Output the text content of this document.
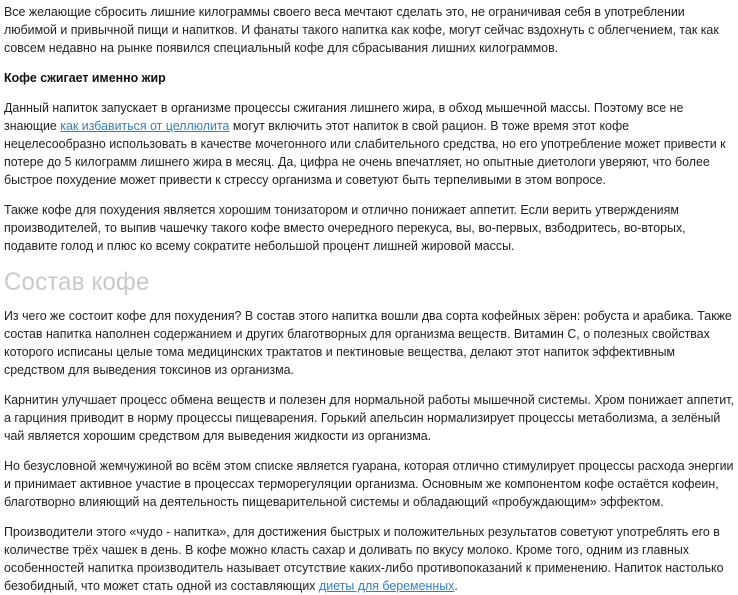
Все желающие сбросить лишние килограммы своего веса мечтают сделать это, не ограничивая себя в употреблении любимой и привычной пищи и напитков. И фанаты такого напитка как кофе, могут сейчас вздохнуть с облегчением, так как совсем недавно на рынке появился специальный кофе для сбрасывания лишних килограммов.

Кофе сжигает именно жир

Данный напиток запускает в организме процессы сжигания лишнего жира, в обход мышечной массы. Поэтому все не знающие как избавиться от целлюлита могут включить этот напиток в свой рацион. В тоже время этот кофе нецелесообразно использовать в качестве мочегонного или слабительного средства, но его употребление может привести к потере до 5 килограмм лишнего жира в месяц. Да, цифра не очень впечатляет, но опытные диетологи уверяют, что более быстрое похудение может привести к стрессу организма и советуют быть терпеливыми в этом вопросе.

Также кофе для похудения является хорошим тонизатором и отлично понижает аппетит. Если верить утверждениям производителей, то выпив чашечку такого кофе вместо очередного перекуса, вы, во-первых, взбодритесь, во-вторых, подавите голод и плюс ко всему сократите небольшой процент лишней жировой массы.

Состав кофе

Из чего же состоит кофе для похудения? В состав этого напитка вошли два сорта кофейных зёрен: робуста и арабика. Также состав напитка наполнен содержанием и других благотворных для организма веществ. Витамин С, о полезных свойствах которого исписаны целые тома медицинских трактатов и пектиновые вещества, делают этот напиток эффективным средством для выведения токсинов из организма.

Карнитин улучшает процесс обмена веществ и полезен для нормальной работы мышечной системы. Хром понижает аппетит, а гарциния приводит в норму процессы пищеварения. Горький апельсин нормализирует процессы метаболизма, а зелёный чай является хорошим средством для выведения жидкости из организма.

Но безусловной жемчужиной во всём этом списке является гуарана, которая отлично стимулирует процессы расхода энергии и принимает активное участие в процессах терморегуляции организма. Основным же компонентом кофе остаётся кофеин, благотворно влияющий на деятельность пищеварительной системы и обладающий «пробуждающим» эффектом.

Производители этого «чудо - напитка», для достижения быстрых и положительных результатов советуют употреблять его в количестве трёх чашек в день. В кофе можно класть сахар и доливать по вкусу молоко. Кроме того, одним из главных особенностей напитка производитель называет отсутствие каких-либо противопоказаний к применению. Напиток настолько безобидный, что может стать одной из составляющих диеты для беременных.
